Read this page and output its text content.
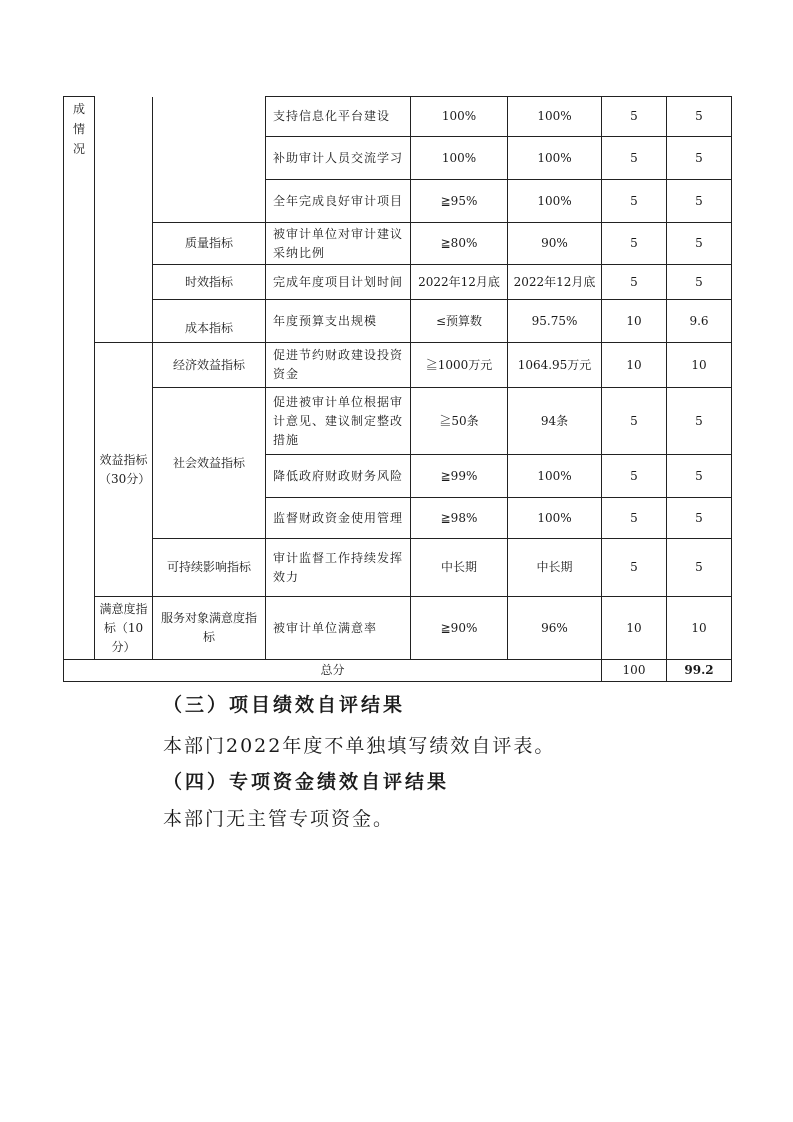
成情况			支持信息化平台建设	100%	100%	5	5
			补助审计人员交流学习	100%	100%	5	5
			全年完成良好审计项目	≧95%	100%	5	5
		质量指标	被审计单位对审计建议采纳比例	≧80%	90%	5	5
		时效指标	完成年度项目计划时间	2022年12月底	2022年12月底	5	5
		成本指标	年度预算支出规模	≤预算数	95.75%	10	9.6
	效益指标（30分）	经济效益指标	促进节约财政建设投资资金	≧1000万元	1064.95万元	10	10
		社会效益指标	促进被审计单位根据审计意见、建议制定整改措施	≧50条	94条	5	5
			降低政府财政财务风险	≧99%	100%	5	5
			监督财政资金使用管理	≧98%	100%	5	5
		可持续影响指标	审计监督工作持续发挥效力	中长期	中长期	5	5
	满意度指标（10分）	服务对象满意度指标	被审计单位满意率	≧90%	96%	10	10
总分						100	99.2
（三）项目绩效自评结果
本部门2022年度不单独填写绩效自评表。
（四）专项资金绩效自评结果
本部门无主管专项资金。
